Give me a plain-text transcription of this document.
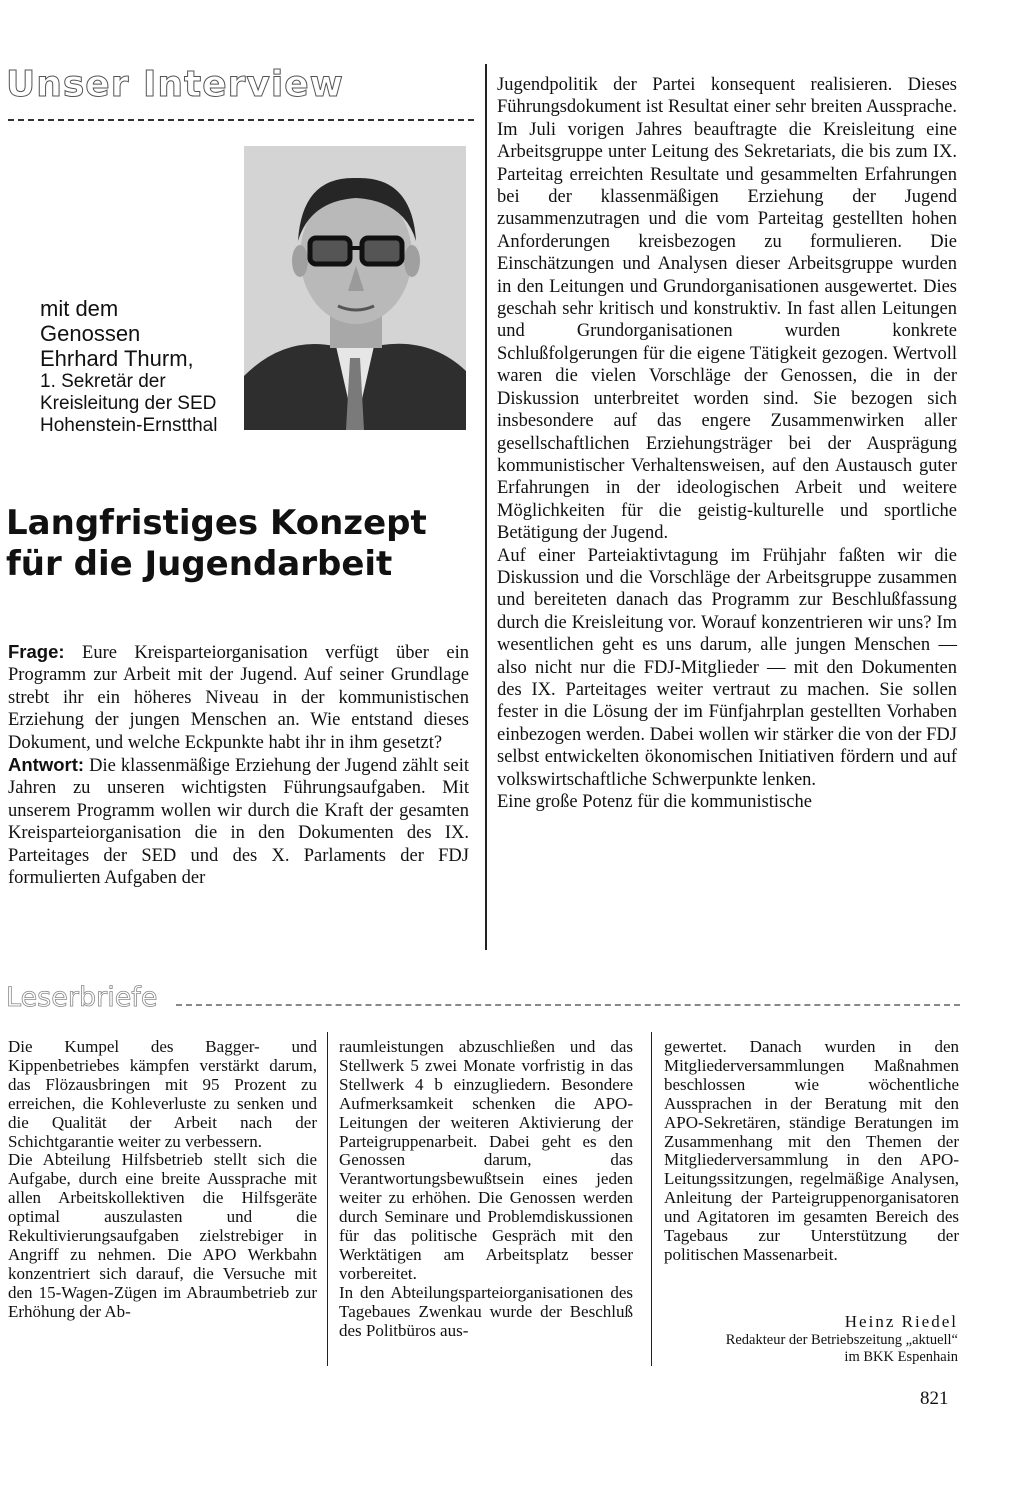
Unser Interview
mit dem
Genossen
Ehrhard Thurm,
1. Sekretär der
Kreisleitung der SED
Hohenstein-Ernstthal
Langfristiges Konzept
für die Jugendarbeit

Frage: Eure Kreisparteiorganisation verfügt über ein Programm zur Arbeit mit der Jugend. Auf seiner Grundlage strebt ihr ein höheres Niveau in der kommunistischen Erziehung der jungen Menschen an. Wie entstand dieses Dokument, und welche Eckpunkte habt ihr in ihm gesetzt?

Antwort: Die klassenmäßige Erziehung der Jugend zählt seit Jahren zu unseren wichtigsten Führungsaufgaben. Mit unserem Programm wollen wir durch die Kraft der gesamten Kreisparteiorganisation die in den Dokumenten des IX. Parteitages der SED und des X. Parlaments der FDJ formulierten Aufgaben der

Jugendpolitik der Partei konsequent realisieren. Dieses Führungsdokument ist Resultat einer sehr breiten Aussprache. Im Juli vorigen Jahres beauftragte die Kreisleitung eine Arbeitsgruppe unter Leitung des Sekretariats, die bis zum IX. Parteitag erreichten Resultate und gesammelten Erfahrungen bei der klassenmäßigen Erziehung der Jugend zusammenzutragen und die vom Parteitag gestellten hohen Anforderungen kreisbezogen zu formulieren. Die Einschätzungen und Analysen dieser Arbeitsgruppe wurden in den Leitungen und Grundorganisationen ausgewertet. Dies geschah sehr kritisch und konstruktiv. In fast allen Leitungen und Grundorganisationen wurden konkrete Schlußfolgerungen für die eigene Tätigkeit gezogen. Wertvoll waren die vielen Vorschläge der Genossen, die in der Diskussion unterbreitet worden sind. Sie bezogen sich insbesondere auf das engere Zusammenwirken aller gesellschaftlichen Erziehungsträger bei der Ausprägung kommunistischer Verhaltensweisen, auf den Austausch guter Erfahrungen in der ideologischen Arbeit und weitere Möglichkeiten für die geistig-kulturelle und sportliche Betätigung der Jugend.

Auf einer Parteiaktivtagung im Frühjahr faßten wir die Diskussion und die Vorschläge der Arbeitsgruppe zusammen und bereiteten danach das Programm zur Beschlußfassung durch die Kreisleitung vor. Worauf konzentrieren wir uns? Im wesentlichen geht es uns darum, alle jungen Menschen — also nicht nur die FDJ-Mitglieder — mit den Dokumenten des IX. Parteitages weiter vertraut zu machen. Sie sollen fester in die Lösung der im Fünfjahrplan gestellten Vorhaben einbezogen werden. Dabei wollen wir stärker die von der FDJ selbst entwickelten ökonomischen Initiativen fördern und auf volkswirtschaftliche Schwerpunkte lenken.

Eine große Potenz für die kommunistische

Leserbriefe

Die Kumpel des Bagger- und Kippenbetriebes kämpfen verstärkt darum, das Flözausbringen mit 95 Prozent zu erreichen, die Kohleverluste zu senken und die Qualität der Arbeit nach der Schichtgarantie weiter zu verbessern.

Die Abteilung Hilfsbetrieb stellt sich die Aufgabe, durch eine breite Aussprache mit allen Arbeitskollektiven die Hilfsgeräte optimal auszulasten und die Rekultivierungsaufgaben zielstrebiger in Angriff zu nehmen. Die APO Werkbahn konzentriert sich darauf, die Versuche mit den 15-Wagen-Zügen im Abraumbetrieb zur Erhöhung der Ab-

raumleistungen abzuschließen und das Stellwerk 5 zwei Monate vorfristig in das Stellwerk 4 b einzugliedern. Besondere Aufmerksamkeit schenken die APO-Leitungen der weiteren Aktivierung der Parteigruppenarbeit. Dabei geht es den Genossen darum, das Verantwortungsbewußtsein eines jeden weiter zu erhöhen. Die Genossen werden durch Seminare und Problemdiskussionen für das politische Gespräch mit den Werktätigen am Arbeitsplatz besser vorbereitet.

In den Abteilungsparteiorganisationen des Tagebaues Zwenkau wurde der Beschluß des Politbüros aus-

gewertet. Danach wurden in den Mitgliederversammlungen Maßnahmen beschlossen wie wöchentliche Aussprachen in der Beratung mit den APO-Sekretären, ständige Beratungen im Zusammenhang mit den Themen der Mitgliederversammlung in den APO-Leitungssitzungen, regelmäßige Analysen, Anleitung der Parteigruppenorganisatoren und Agitatoren im gesamten Bereich des Tagebaus zur Unterstützung der politischen Massenarbeit.

Heinz Riedel
Redakteur der Betriebszeitung „aktuell“
im BKK Espenhain
821
